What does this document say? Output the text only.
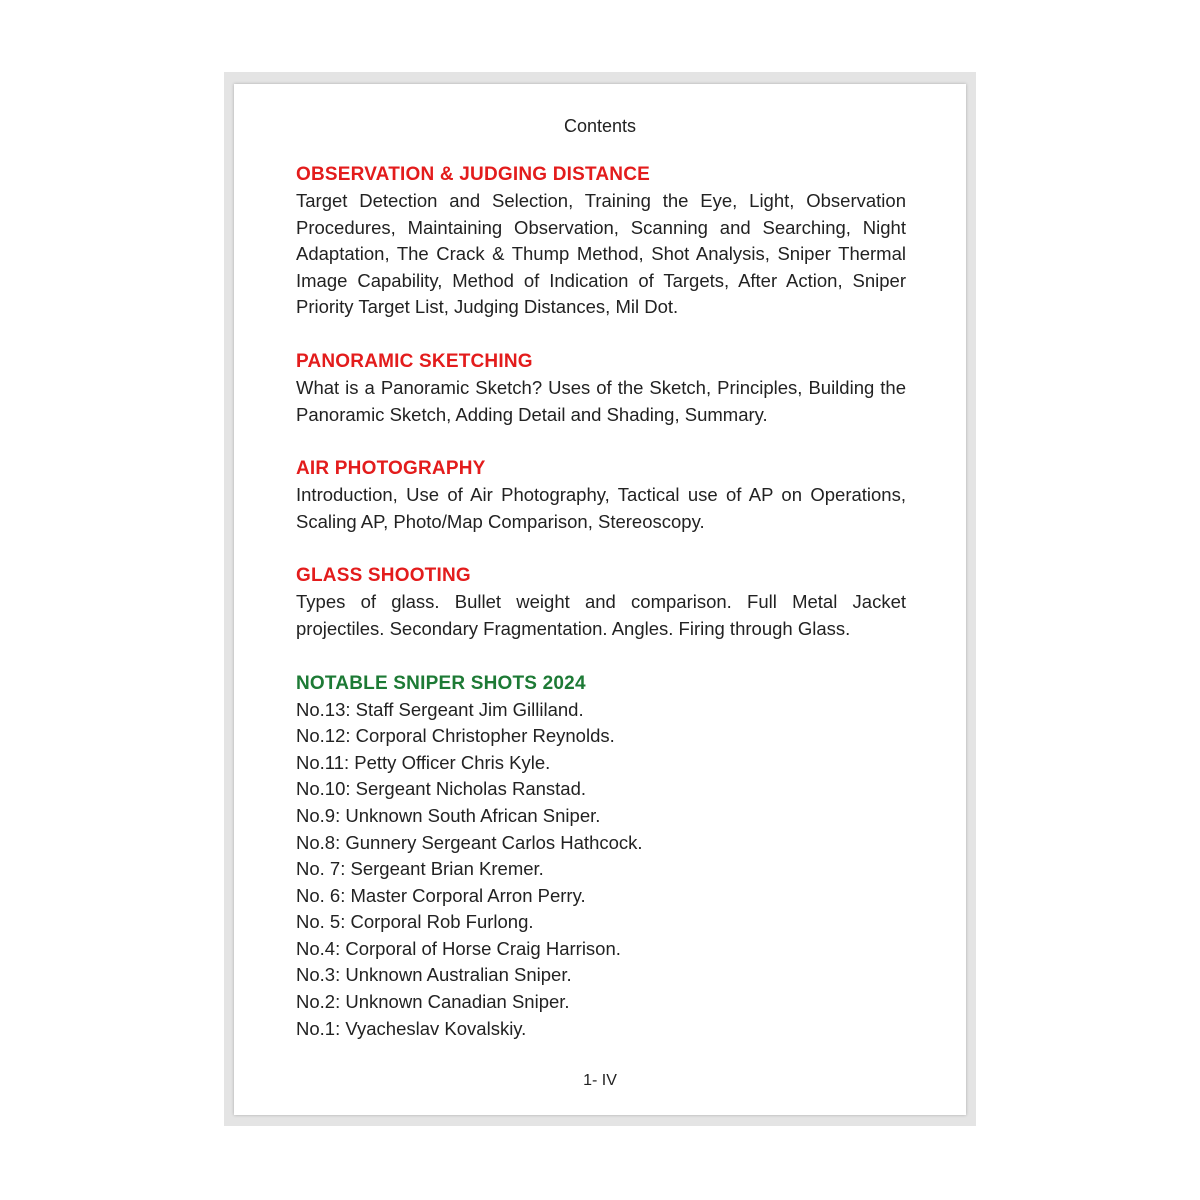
Contents
OBSERVATION & JUDGING DISTANCE

Target Detection and Selection, Training the Eye, Light, Observation Procedures, Maintaining Observation, Scanning and Searching, Night Adaptation, The Crack & Thump Method, Shot Analysis, Sniper Thermal Image Capability, Method of Indication of Targets, After Action, Sniper Priority Target List, Judging Distances, Mil Dot.

PANORAMIC SKETCHING

What is a Panoramic Sketch? Uses of the Sketch, Principles, Building the Panoramic Sketch, Adding Detail and Shading, Summary.

AIR PHOTOGRAPHY

Introduction, Use of Air Photography, Tactical use of AP on Operations, Scaling AP, Photo/Map Comparison, Stereoscopy.

GLASS SHOOTING

Types of glass. Bullet weight and comparison. Full Metal Jacket projectiles. Secondary Fragmentation. Angles. Firing through Glass.

NOTABLE SNIPER SHOTS 2024
No.13: Staff Sergeant Jim Gilliland.
No.12: Corporal Christopher Reynolds.
No.11: Petty Officer Chris Kyle.
No.10: Sergeant Nicholas Ranstad.
No.9: Unknown South African Sniper.
No.8: Gunnery Sergeant Carlos Hathcock.
No. 7: Sergeant Brian Kremer.
No. 6: Master Corporal Arron Perry.
No. 5: Corporal Rob Furlong.
No.4: Corporal of Horse Craig Harrison.
No.3: Unknown Australian Sniper.
No.2: Unknown Canadian Sniper.
No.1: Vyacheslav Kovalskiy.
1- IV
